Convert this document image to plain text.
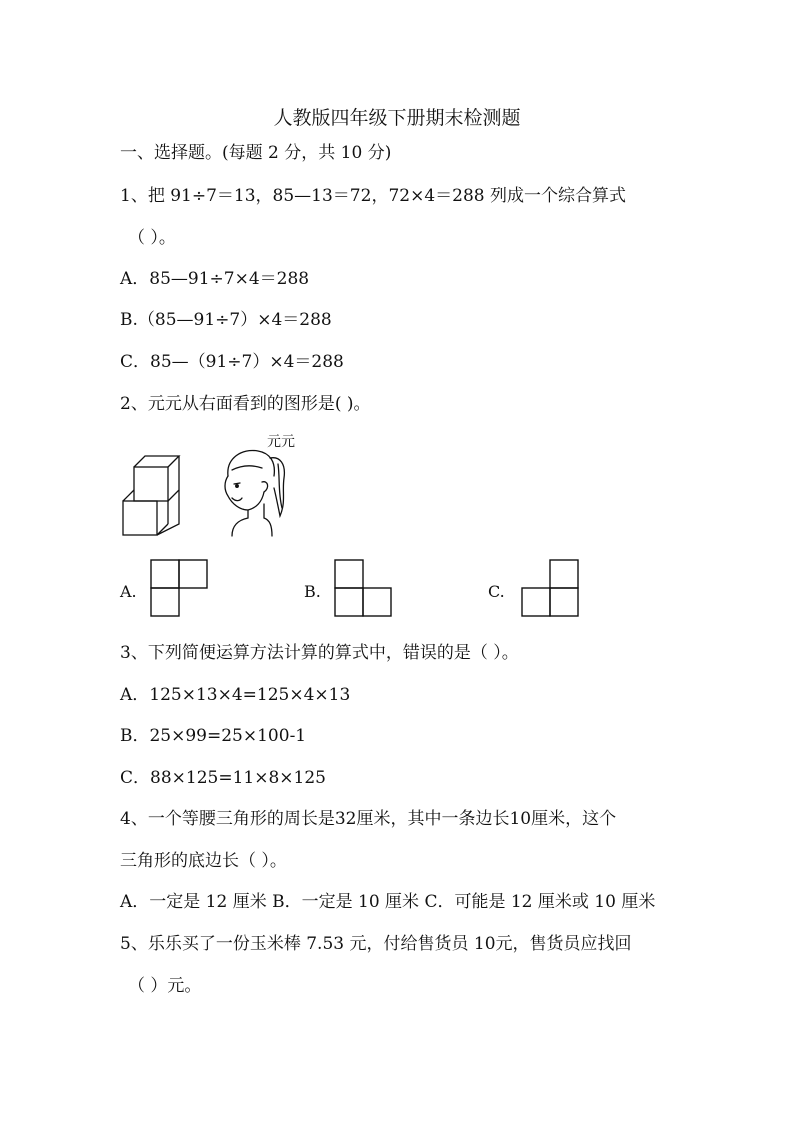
人教版四年级下册期末检测题
一、选择题。(每题 2 分，共 10 分)
1、把 91÷7＝13，85—13＝72，72×4＝288 列成一个综合算式
（ ）。
A．85—91÷7×4＝288
B.（85—91÷7）×4＝288
C．85—（91÷7）×4＝288
2、元元从右面看到的图形是( )。
元元
A.	B.	C.
3、下列简便运算方法计算的算式中，错误的是（ ）。
A．125×13×4=125×4×13
B．25×99=25×100-1
C．88×125=11×8×125
4、一个等腰三角形的周长是32厘米，其中一条边长10厘米，这个
三角形的底边长（ ）。
A．一定是 12 厘米 B．一定是 10 厘米 C．可能是 12 厘米或 10 厘米
5、乐乐买了一份玉米棒 7.53 元，付给售货员 10元，售货员应找回
（ ）元。
